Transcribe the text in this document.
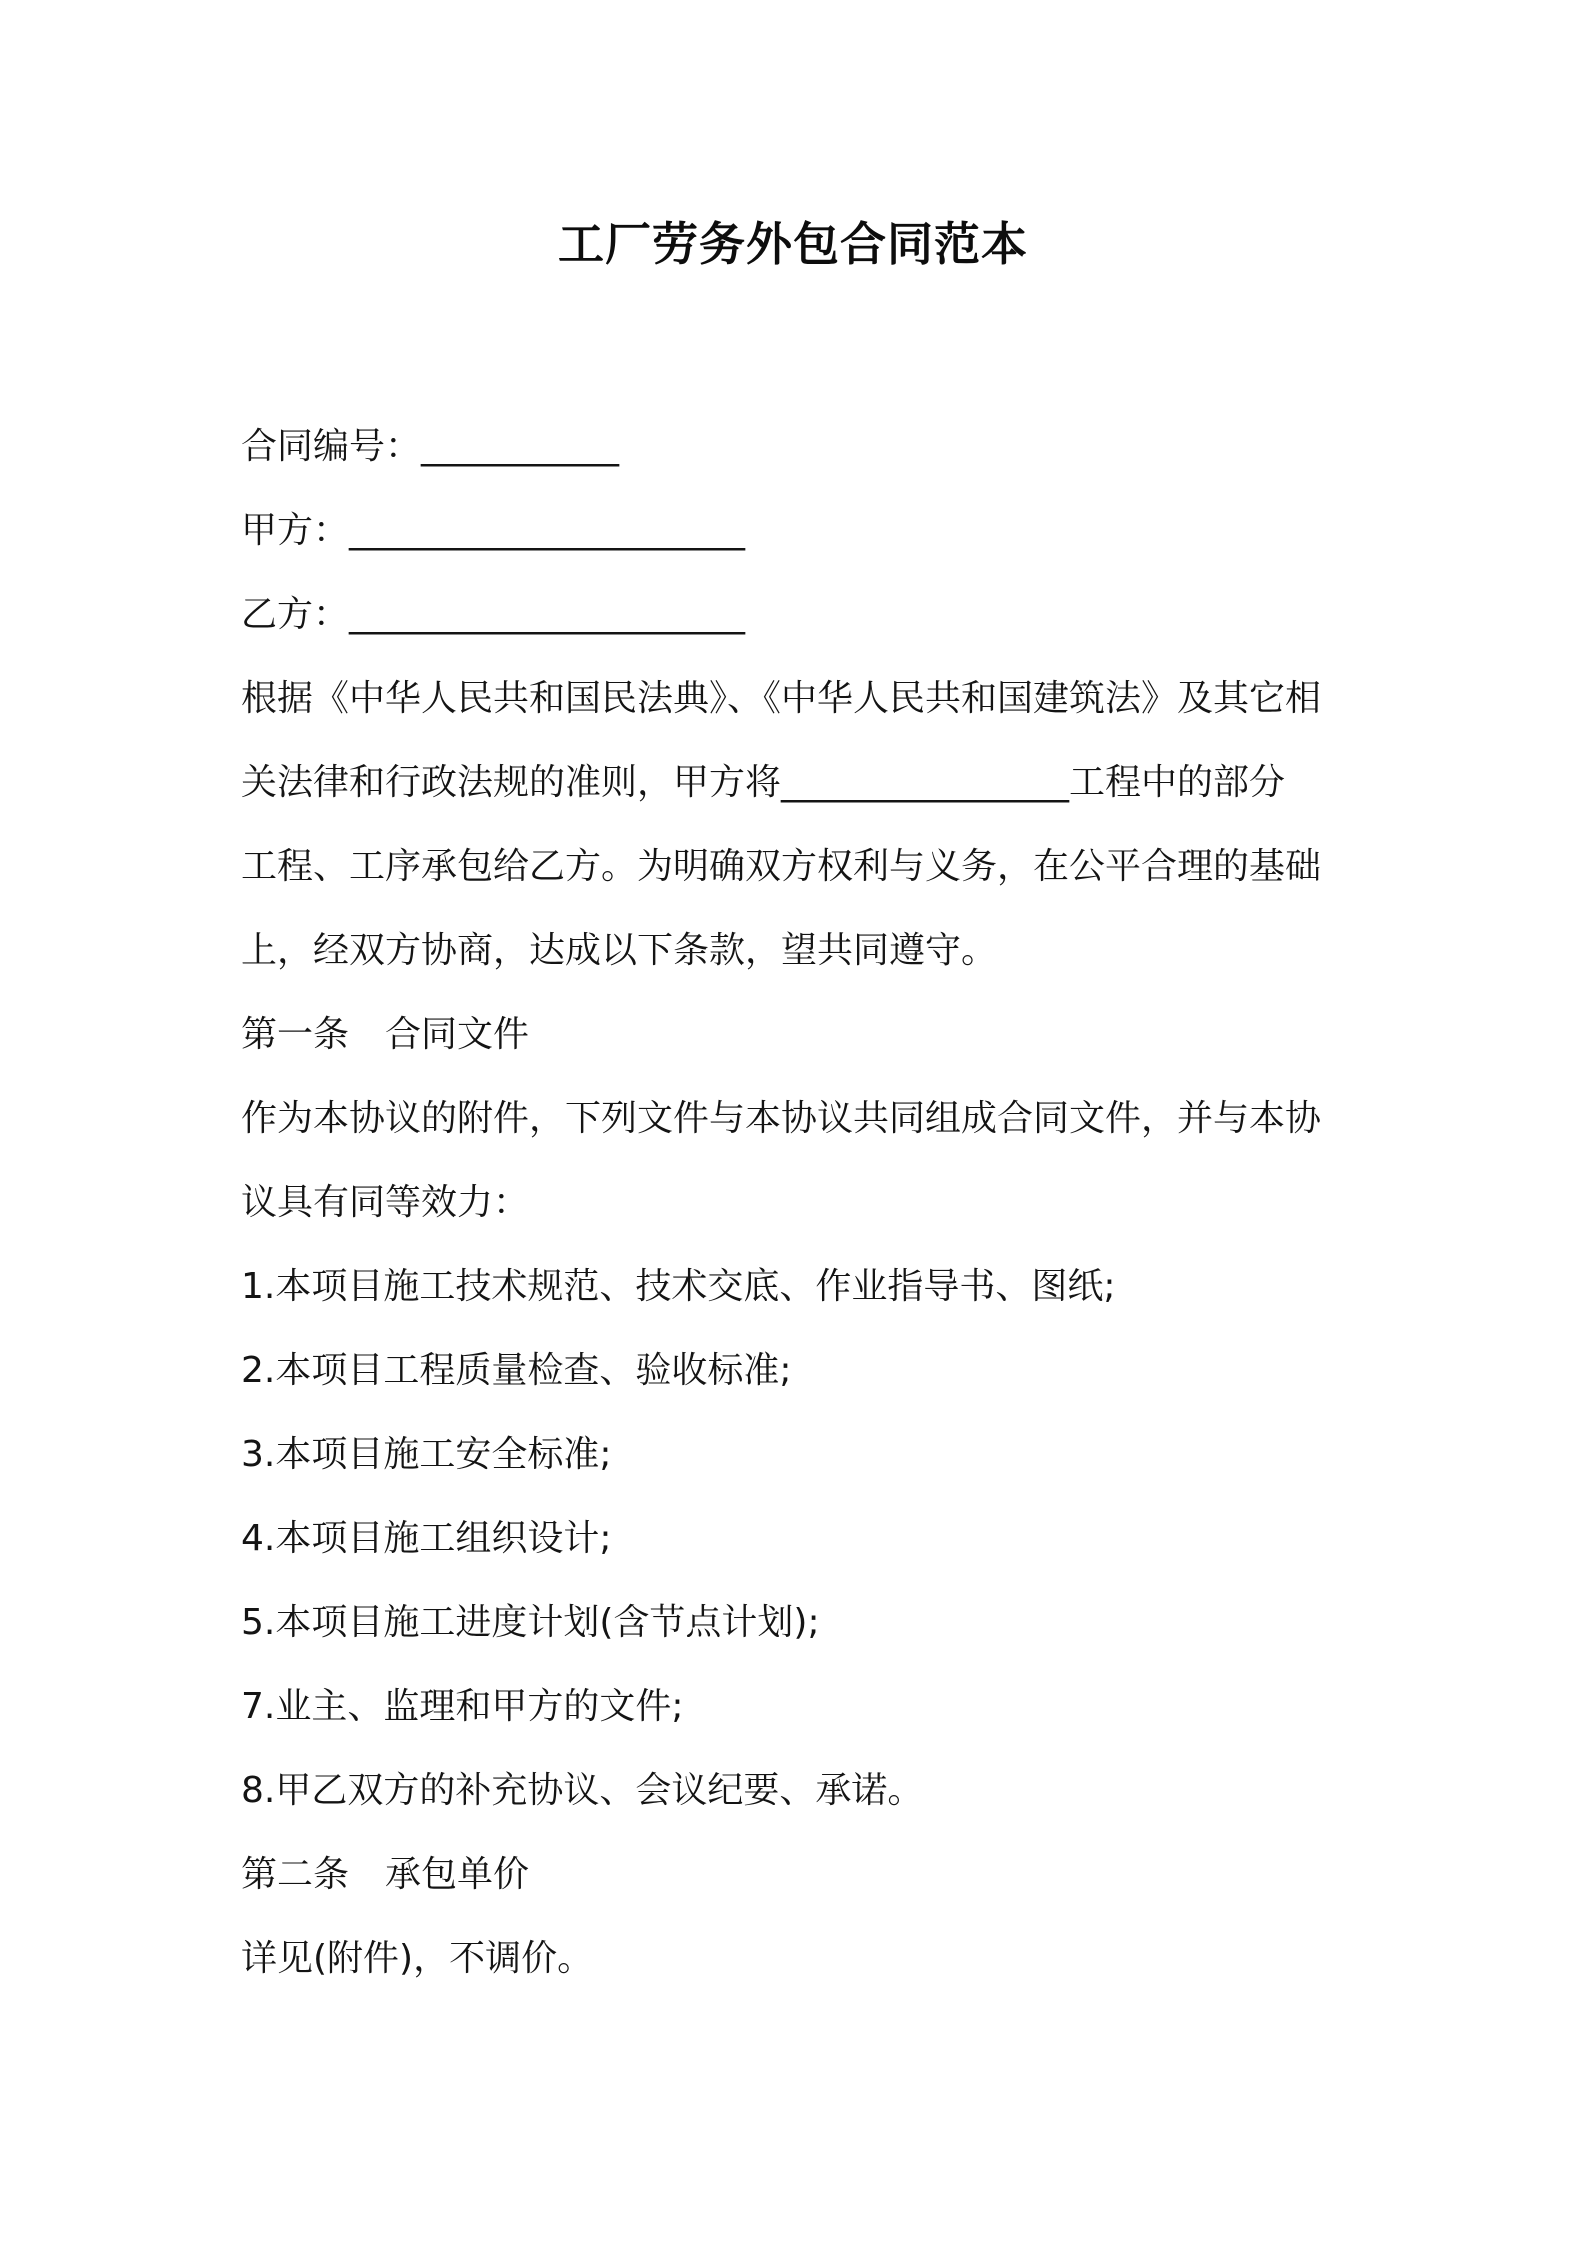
工厂劳务外包合同范本
合同编号：___________
甲方：______________________
乙方：______________________
根据《中华人民共和国民法典》、《中华人民共和国建筑法》及其它相
关法律和行政法规的准则，甲方将________________工程中的部分
工程、工序承包给乙方。为明确双方权利与义务，在公平合理的基础
上，经双方协商，达成以下条款，望共同遵守。
第一条　合同文件
作为本协议的附件，下列文件与本协议共同组成合同文件，并与本协
议具有同等效力：
1.本项目施工技术规范、技术交底、作业指导书、图纸;
2.本项目工程质量检查、验收标准;
3.本项目施工安全标准;
4.本项目施工组织设计;
5.本项目施工进度计划(含节点计划);
7.业主、监理和甲方的文件;
8.甲乙双方的补充协议、会议纪要、承诺。
第二条　承包单价
详见(附件)，不调价。
